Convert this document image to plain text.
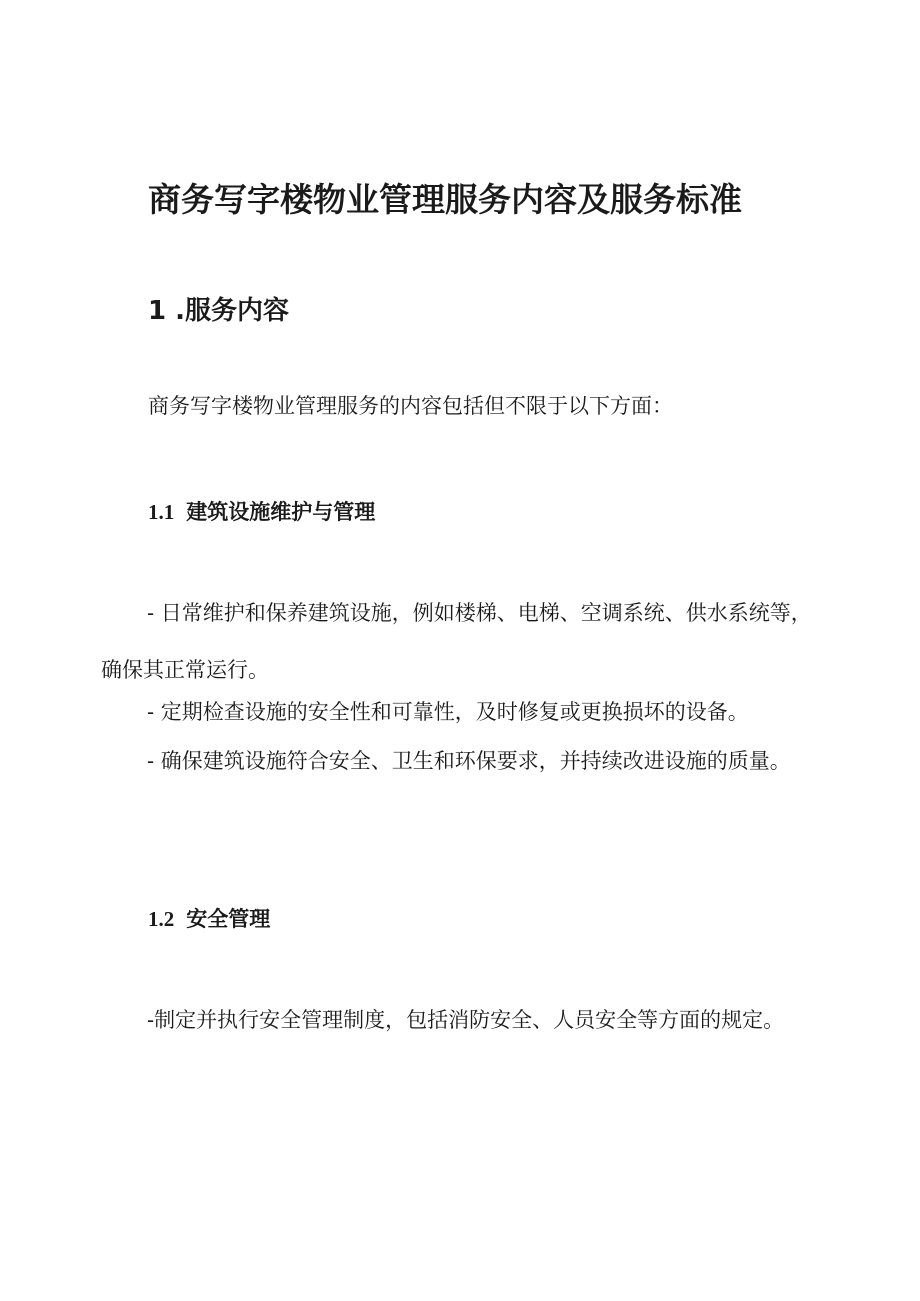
商务写字楼物业管理服务内容及服务标准
1 .服务内容
商务写字楼物业管理服务的内容包括但不限于以下方面：
1.1 建筑设施维护与管理

- 日常维护和保养建筑设施，例如楼梯、电梯、空调系统、供水系统等，确保其正常运行。

- 定期检查设施的安全性和可靠性，及时修复或更换损坏的设备。

- 确保建筑设施符合安全、卫生和环保要求，并持续改进设施的质量。

1.2 安全管理

-制定并执行安全管理制度，包括消防安全、人员安全等方面的规定。
